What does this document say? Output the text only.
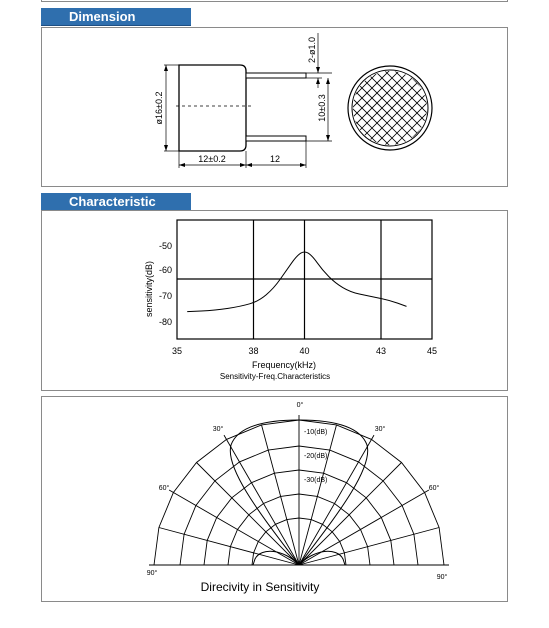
Dimension
ø16±0.2
12±0.2	12
10±0.3
2-ø1.0
Characteristic
-50
-60
-70
-80
35	38	40	43	45
sensitivity(dB)
Frequency(kHz)
Sensitivity-Freq.Characteristics
0°
30°	30°
60°	60°
90°
90°
-10(dB)
-20(dB)
-30(dB)
Direcivity in Sensitivity
